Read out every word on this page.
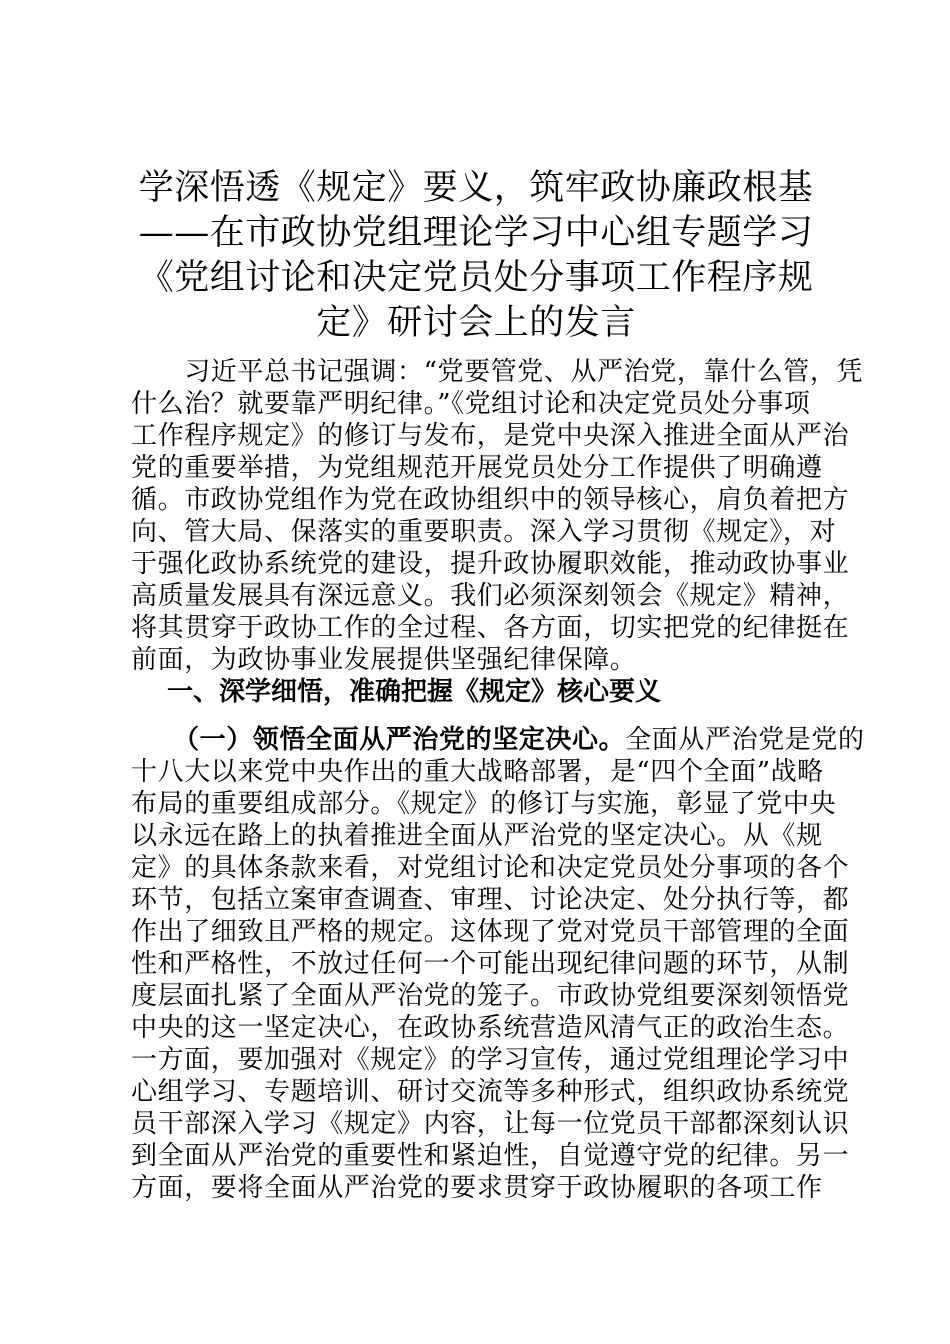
学深悟透《规定》要义，筑牢政协廉政根基
——在市政协党组理论学习中心组专题学习
《党组讨论和决定党员处分事项工作程序规
定》研讨会上的发言
　　习近平总书记强调：“党要管党、从严治党，靠什么管，凭
什么治？就要靠严明纪律。”《党组讨论和决定党员处分事项
工作程序规定》的修订与发布，是党中央深入推进全面从严治
党的重要举措，为党组规范开展党员处分工作提供了明确遵
循。市政协党组作为党在政协组织中的领导核心，肩负着把方
向、管大局、保落实的重要职责。深入学习贯彻《规定》，对
于强化政协系统党的建设，提升政协履职效能，推动政协事业
高质量发展具有深远意义。我们必须深刻领会《规定》精神，
将其贯穿于政协工作的全过程、各方面，切实把党的纪律挺在
前面，为政协事业发展提供坚强纪律保障。
一、深学细悟，准确把握《规定》核心要义
（一）领悟全面从严治党的坚定决心。全面从严治党是党的
十八大以来党中央作出的重大战略部署，是“四个全面”战略
布局的重要组成部分。《规定》的修订与实施，彰显了党中央
以永远在路上的执着推进全面从严治党的坚定决心。从《规
定》的具体条款来看，对党组讨论和决定党员处分事项的各个
环节，包括立案审查调查、审理、讨论决定、处分执行等，都
作出了细致且严格的规定。这体现了党对党员干部管理的全面
性和严格性，不放过任何一个可能出现纪律问题的环节，从制
度层面扎紧了全面从严治党的笼子。市政协党组要深刻领悟党
中央的这一坚定决心，在政协系统营造风清气正的政治生态。
一方面，要加强对《规定》的学习宣传，通过党组理论学习中
心组学习、专题培训、研讨交流等多种形式，组织政协系统党
员干部深入学习《规定》内容，让每一位党员干部都深刻认识
到全面从严治党的重要性和紧迫性，自觉遵守党的纪律。另一
方面，要将全面从严治党的要求贯穿于政协履职的各项工作
